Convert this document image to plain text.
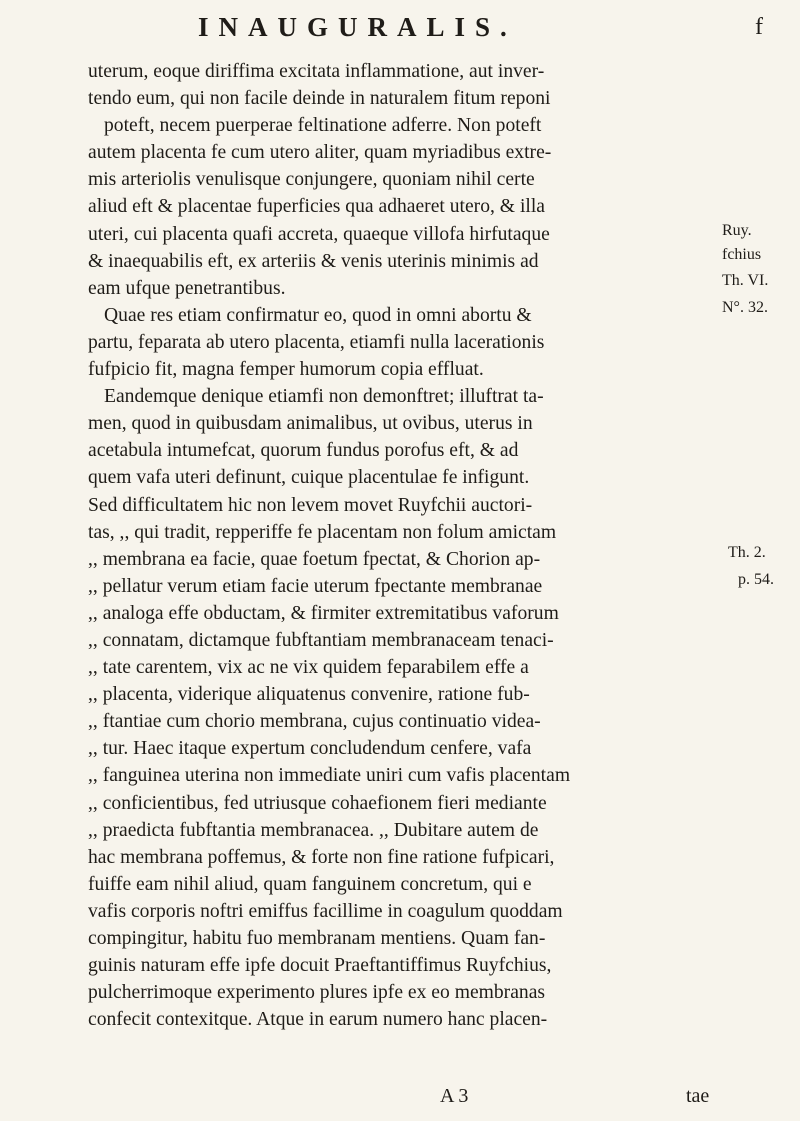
INAUGURALIS.	f
uterum, eoque diriffima excitata inflammatione, aut inver-
tendo eum, qui non facile deinde in naturalem fitum reponi
poteft, necem puerperae feltinatione adferre. Non poteft
autem placenta fe cum utero aliter, quam myriadibus extre-
mis arteriolis venulisque conjungere, quoniam nihil certe
aliud eft & placentae fuperficies qua adhaeret utero, & illa
uteri, cui placenta quafi accreta, quaeque villofa hirfutaque
& inaequabilis eft, ex arteriis & venis uterinis minimis ad
eam ufque penetrantibus.
Quae res etiam confirmatur eo, quod in omni abortu &
partu, feparata ab utero placenta, etiamfi nulla lacerationis
fufpicio fit, magna femper humorum copia effluat.
Eandemque denique etiamfi non demonftret; illuftrat ta-
men, quod in quibusdam animalibus, ut ovibus, uterus in
acetabula intumefcat, quorum fundus porofus eft, & ad
quem vafa uteri definunt, cuique placentulae fe infigunt.
Sed difficultatem hic non levem movet Ruyfchii auctori-
tas, ,, qui tradit, repperiffe fe placentam non folum amictam
,, membrana ea facie, quae foetum fpectat, & Chorion ap-
,, pellatur verum etiam facie uterum fpectante membranae
,, analoga effe obductam, & firmiter extremitatibus vaforum
,, connatam, dictamque fubftantiam membranaceam tenaci-
,, tate carentem, vix ac ne vix quidem feparabilem effe a
,, placenta, viderique aliquatenus convenire, ratione fub-
,, ftantiae cum chorio membrana, cujus continuatio videa-
,, tur. Haec itaque expertum concludendum cenfere, vafa
,, fanguinea uterina non immediate uniri cum vafis placentam
,, conficientibus, fed utriusque cohaefionem fieri mediante
,, praedicta fubftantia membranacea. ,, Dubitare autem de
hac membrana poffemus, & forte non fine ratione fufpicari,
fuiffe eam nihil aliud, quam fanguinem concretum, qui e
vafis corporis noftri emiffus facillime in coagulum quoddam
compingitur, habitu fuo membranam mentiens. Quam fan-
guinis naturam effe ipfe docuit Praeftantiffimus Ruyfchius,
pulcherrimoque experimento plures ipfe ex eo membranas
confecit contexitque. Atque in earum numero hanc placen-
Ruy.
fchius
Th. VI.
N°. 32.
Th. 2.
p. 54.
A 3	tae
